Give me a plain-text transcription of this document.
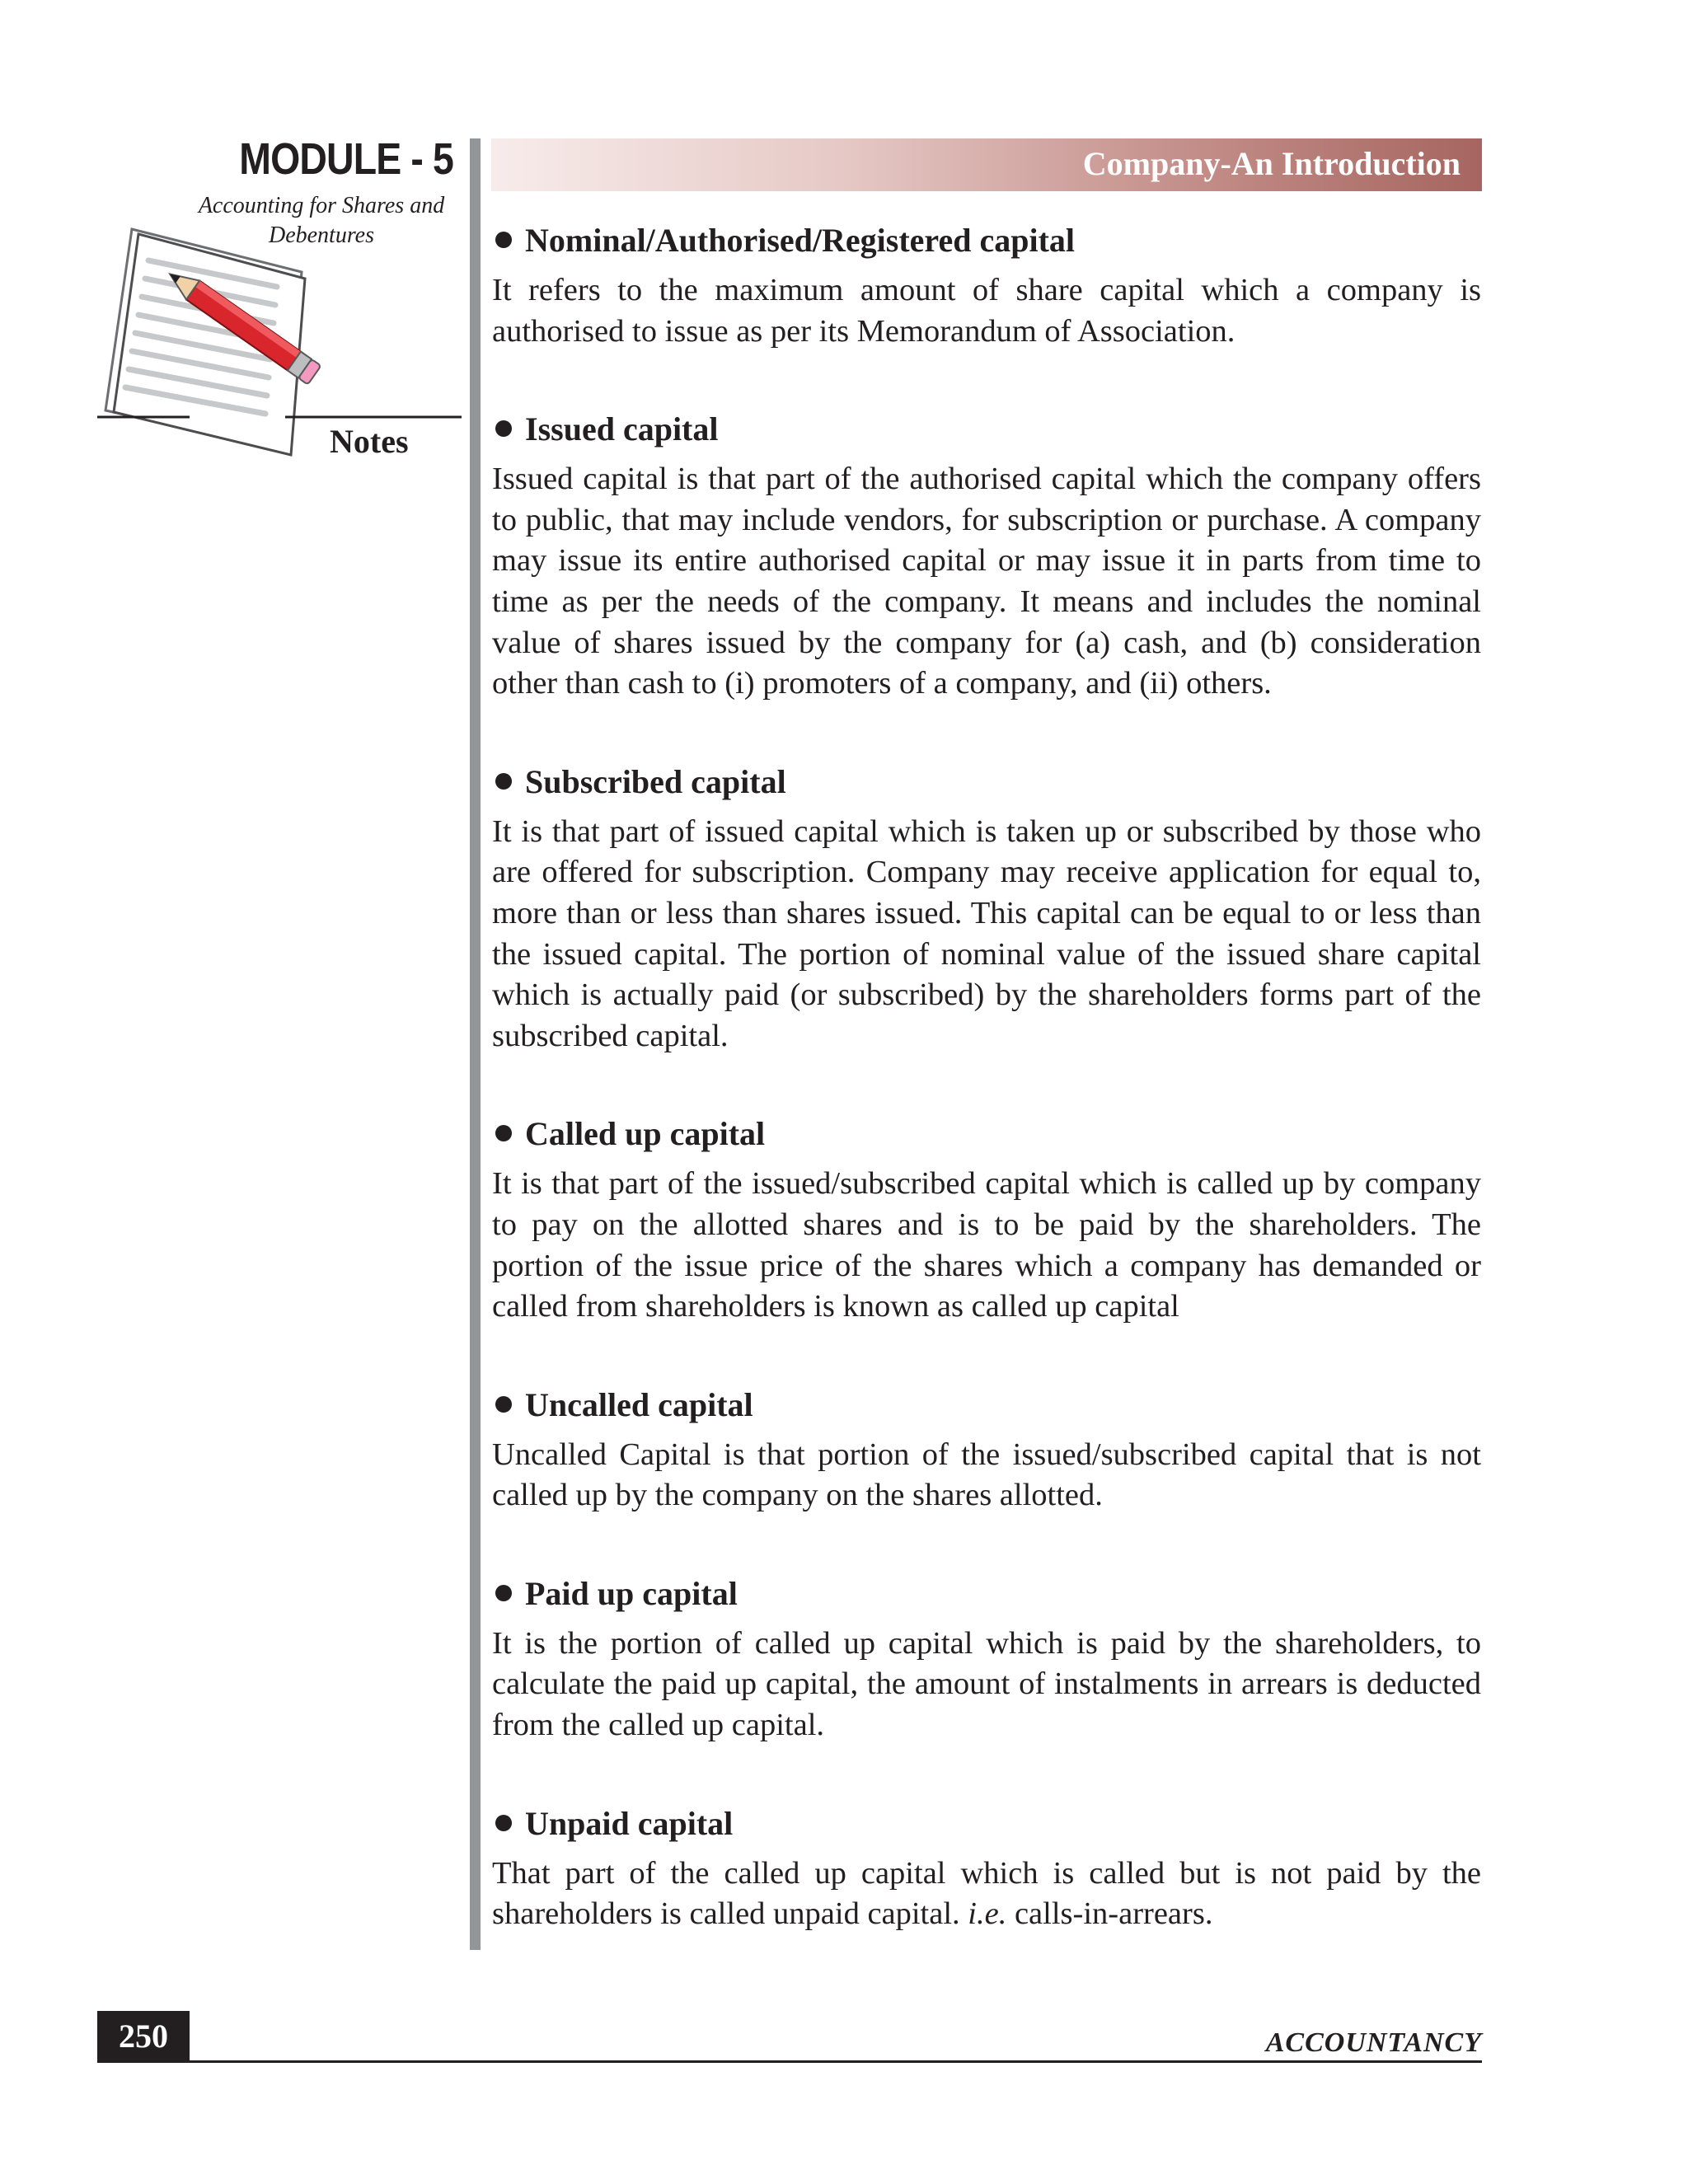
MODULE - 5
Accounting for Shares and
Debentures
Notes
Company-An Introduction
Nominal/Authorised/Registered capital

It refers to the maximum amount of share capital which a company is authorised to issue as per its Memorandum of Association.

Issued capital

Issued capital is that part of the authorised capital which the company offers to public, that may include vendors, for subscription or purchase. A company may issue its entire authorised capital or may issue it in parts from time to time as per the needs of the company. It means and includes the nominal value of shares issued by the company for (a) cash, and (b) consideration other than cash to (i) promoters of a company, and (ii) others.

Subscribed capital

It is that part of issued capital which is taken up or subscribed by those who are offered for subscription. Company may receive application for equal to, more than or less than shares issued. This capital can be equal to or less than the issued capital. The portion of nominal value of the issued share capital which is actually paid (or subscribed) by the shareholders forms part of the subscribed capital.

Called up capital

It is that part of the issued/subscribed capital which is called up by company to pay on the allotted shares and is to be paid by the shareholders. The portion of the issue price of the shares which a company has demanded or called from shareholders is known as called up capital

Uncalled capital

Uncalled Capital is that portion of the issued/subscribed capital that is not called up by the company on the shares allotted.

Paid up capital

It is the portion of called up capital which is paid by the shareholders, to calculate the paid up capital, the amount of instalments in arrears is deducted from the called up capital.

Unpaid capital

That part of the called up capital which is called but is not paid by the shareholders is called unpaid capital. i.e. calls-in-arrears.

250	ACCOUNTANCY
